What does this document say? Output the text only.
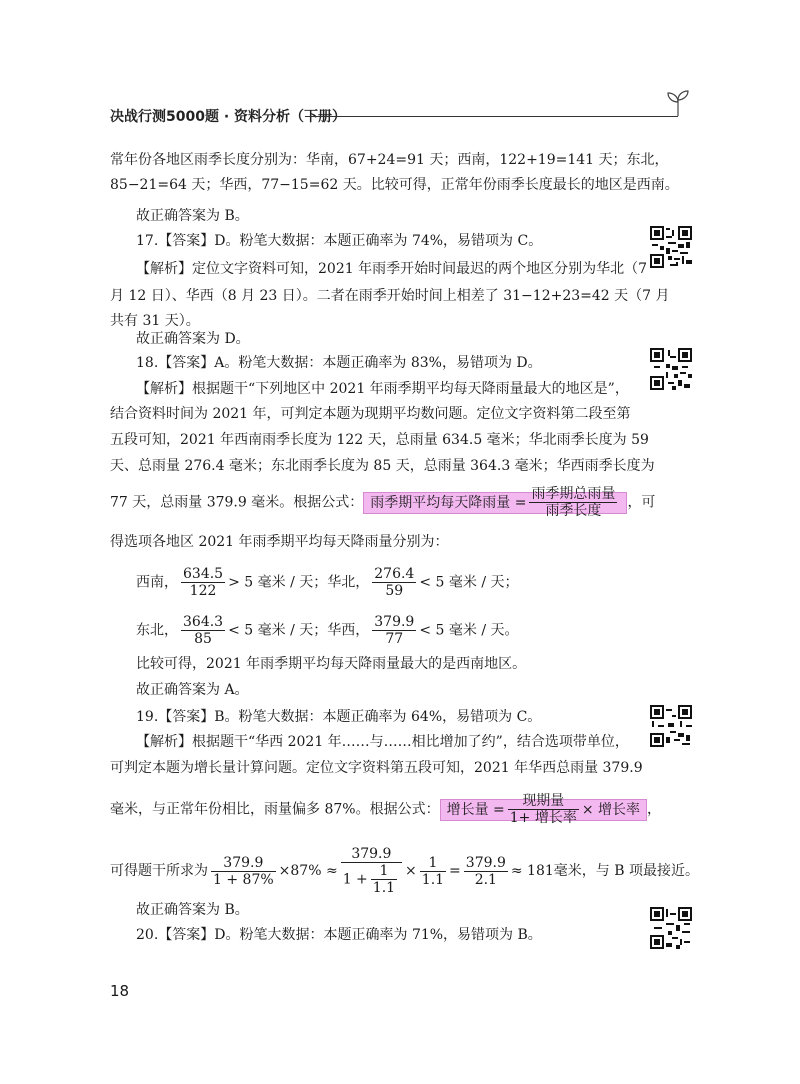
决战行测5000题 · 资料分析（下册）
常年份各地区雨季长度分别为：华南，67+24=91 天；西南，122+19=141 天；东北，
85−21=64 天；华西，77−15=62 天。比较可得，正常年份雨季长度最长的地区是西南。
故正确答案为 B。
17.【答案】D。粉笔大数据：本题正确率为 74%，易错项为 C。
【解析】定位文字资料可知，2021 年雨季开始时间最迟的两个地区分别为华北（7
月 12 日）、华西（8 月 23 日）。二者在雨季开始时间上相差了 31−12+23=42 天（7 月
共有 31 天）。
故正确答案为 D。
18.【答案】A。粉笔大数据：本题正确率为 83%，易错项为 D。
【解析】根据题干“下列地区中 2021 年雨季期平均每天降雨量最大的地区是”，
结合资料时间为 2021 年，可判定本题为现期平均数问题。定位文字资料第二段至第
五段可知，2021 年西南雨季长度为 122 天，总雨量 634.5 毫米；华北雨季长度为 59
天、总雨量 276.4 毫米；东北雨季长度为 85 天，总雨量 364.3 毫米；华西雨季长度为
77 天，总雨量 379.9 毫米。根据公式： 雨季期平均每天降雨量 = $\frac{\text{雨季期总雨量}}{\text{雨季长度}}$ ，可
得选项各地区 2021 年雨季期平均每天降雨量分别为：
西南， $\frac{634.5}{122} > 5$ 毫米 / 天；华北， $\frac{276.4}{59} < 5$ 毫米 / 天；
东北， $\frac{364.3}{85} < 5$ 毫米 / 天；华西， $\frac{379.9}{77} < 5$ 毫米 / 天。
比较可得，2021 年雨季期平均每天降雨量最大的是西南地区。
故正确答案为 A。
19.【答案】B。粉笔大数据：本题正确率为 64%，易错项为 C。
【解析】根据题干“华西 2021 年……与……相比增加了约”，结合选项带单位，
可判定本题为增长量计算问题。定位文字资料第五段可知，2021 年华西总雨量 379.9
毫米，与正常年份相比，雨量偏多 87%。根据公式： 增长量 = $\frac{\text{现期量}}{\text{1+ 增长率}}$ × 增长率 ，
可得题干所求为 $\frac{379.9}{1 + 87\%} \times 87\% \approx \frac{379.9}{1 + \frac{1}{1.1}} \times \frac{1}{1.1} = \frac{379.9}{2.1} \approx 181$毫米，与 B 项最接近。
故正确答案为 B。
20.【答案】D。粉笔大数据：本题正确率为 71%，易错项为 B。
18
